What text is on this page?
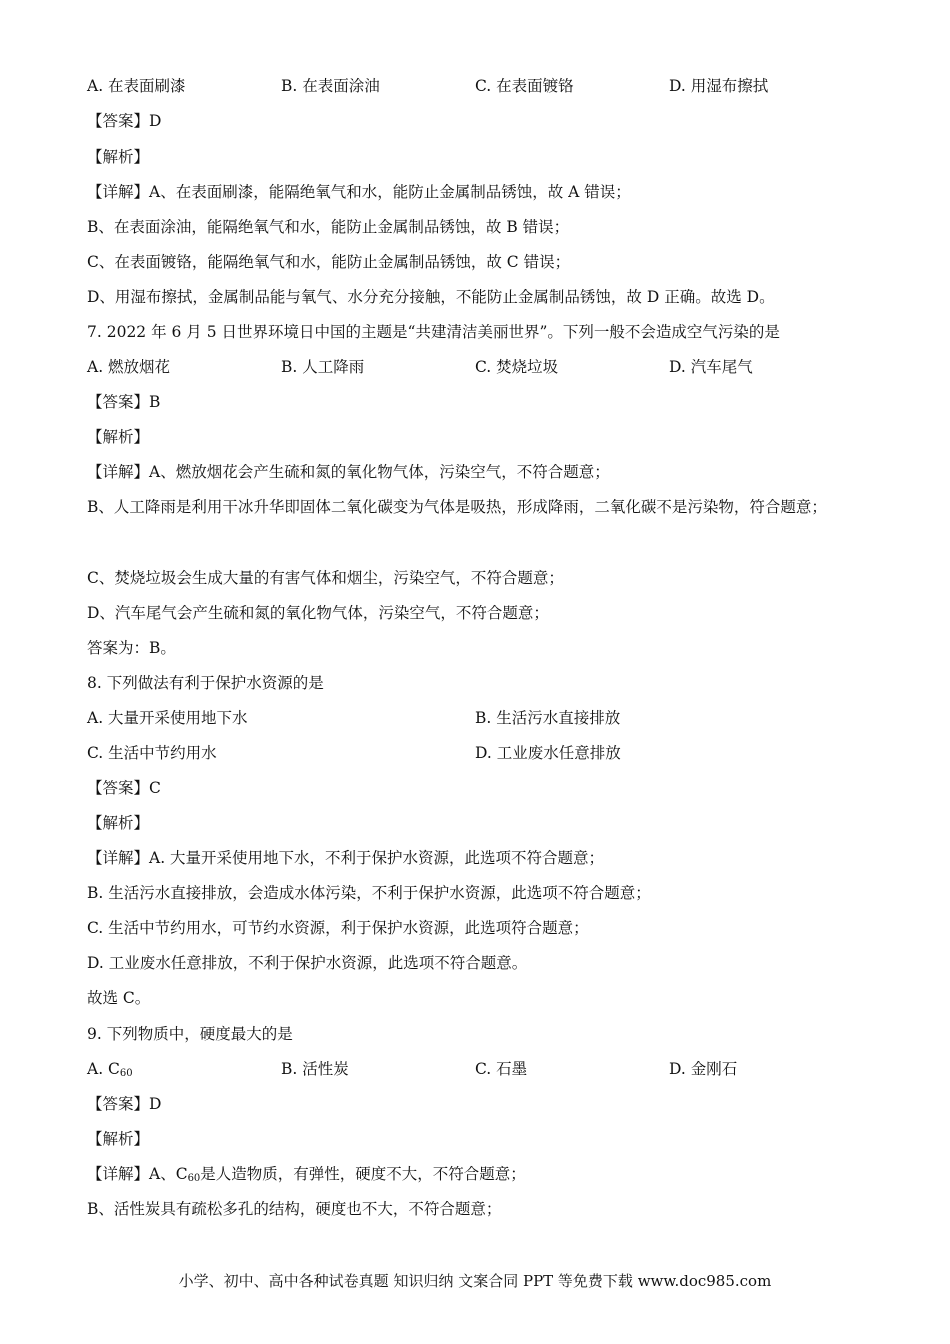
A. 在表面刷漆	B. 在表面涂油	C. 在表面镀铬	D. 用湿布擦拭
【答案】D
【解析】
【详解】A、在表面刷漆，能隔绝氧气和水，能防止金属制品锈蚀，故 A 错误；
B、在表面涂油，能隔绝氧气和水，能防止金属制品锈蚀，故 B 错误；
C、在表面镀铬，能隔绝氧气和水，能防止金属制品锈蚀，故 C 错误；
D、用湿布擦拭，金属制品能与氧气、水分充分接触，不能防止金属制品锈蚀，故 D 正确。故选 D。
7. 2022 年 6 月 5 日世界环境日中国的主题是“共建清洁美丽世界”。下列一般不会造成空气污染的是
A. 燃放烟花	B. 人工降雨	C. 焚烧垃圾	D. 汽车尾气
【答案】B
【解析】
【详解】A、燃放烟花会产生硫和氮的氧化物气体，污染空气，不符合题意；
B、人工降雨是利用干冰升华即固体二氧化碳变为气体是吸热，形成降雨，二氧化碳不是污染物，符合题意；
C、焚烧垃圾会生成大量的有害气体和烟尘，污染空气，不符合题意；
D、汽车尾气会产生硫和氮的氧化物气体，污染空气，不符合题意；
答案为：B。
8. 下列做法有利于保护水资源的是
A. 大量开采使用地下水	B. 生活污水直接排放
C. 生活中节约用水	D. 工业废水任意排放
【答案】C
【解析】
【详解】A. 大量开采使用地下水，不利于保护水资源，此选项不符合题意；
B. 生活污水直接排放，会造成水体污染，不利于保护水资源，此选项不符合题意；
C. 生活中节约用水，可节约水资源，利于保护水资源，此选项符合题意；
D. 工业废水任意排放，不利于保护水资源，此选项不符合题意。
故选 C。
9. 下列物质中，硬度最大的是
A. $C_{60}$	B. 活性炭	C. 石墨	D. 金刚石
【答案】D
【解析】
【详解】A、$C_{60}$是人造物质，有弹性，硬度不大，不符合题意；
B、活性炭具有疏松多孔的结构，硬度也不大，不符合题意；
小学、初中、高中各种试卷真题 知识归纳 文案合同 PPT 等免费下载 www.doc985.com
